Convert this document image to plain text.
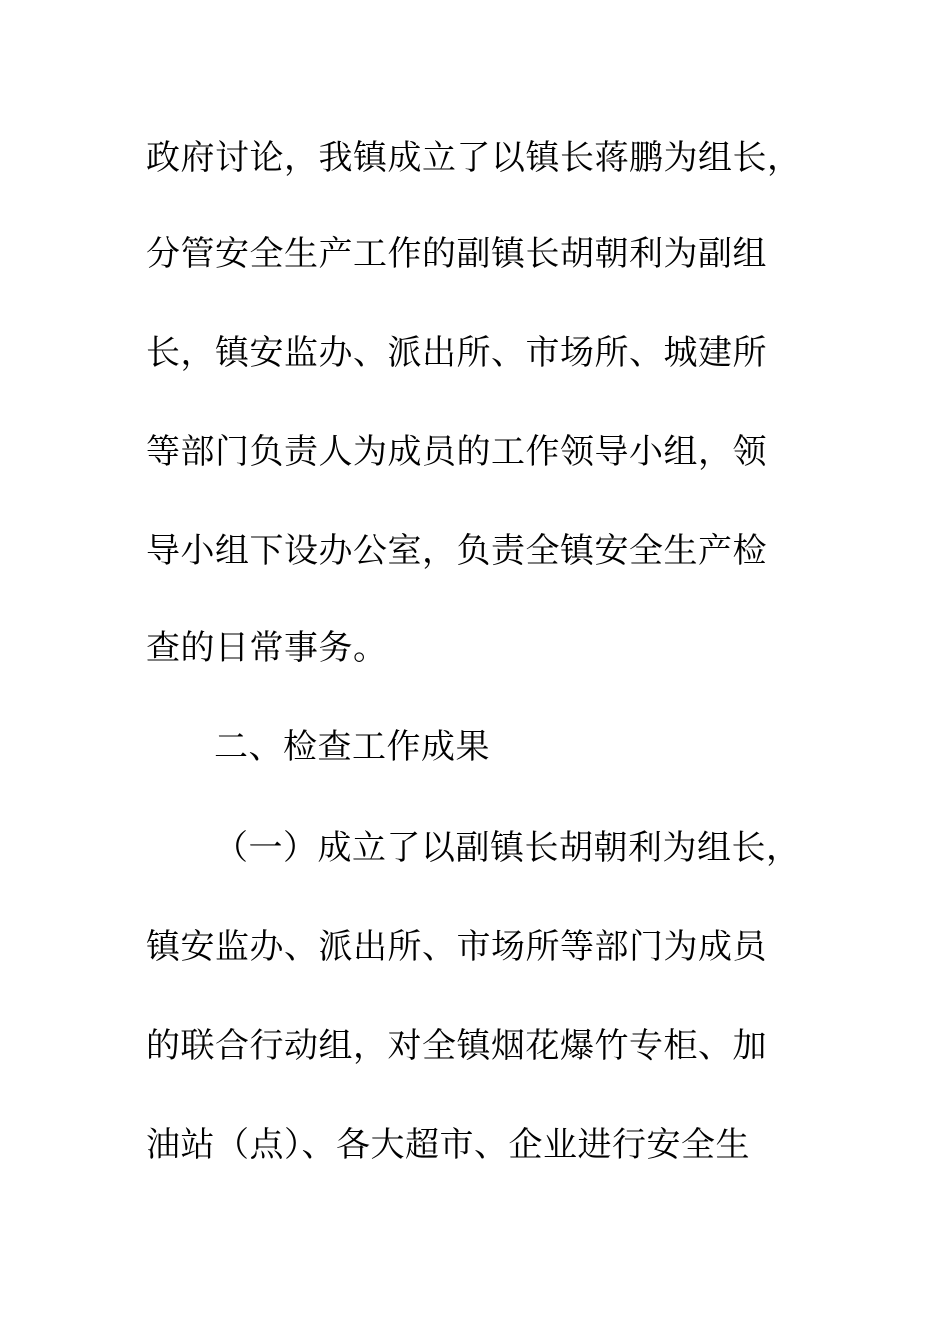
政府讨论，我镇成立了以镇长蒋鹏为组长，
分管安全生产工作的副镇长胡朝利为副组
长，镇安监办、派出所、市场所、城建所
等部门负责人为成员的工作领导小组，领
导小组下设办公室，负责全镇安全生产检
查的日常事务。
二、检查工作成果
（一）成立了以副镇长胡朝利为组长，
镇安监办、派出所、市场所等部门为成员
的联合行动组，对全镇烟花爆竹专柜、加
油站（点）、各大超市、企业进行安全生
